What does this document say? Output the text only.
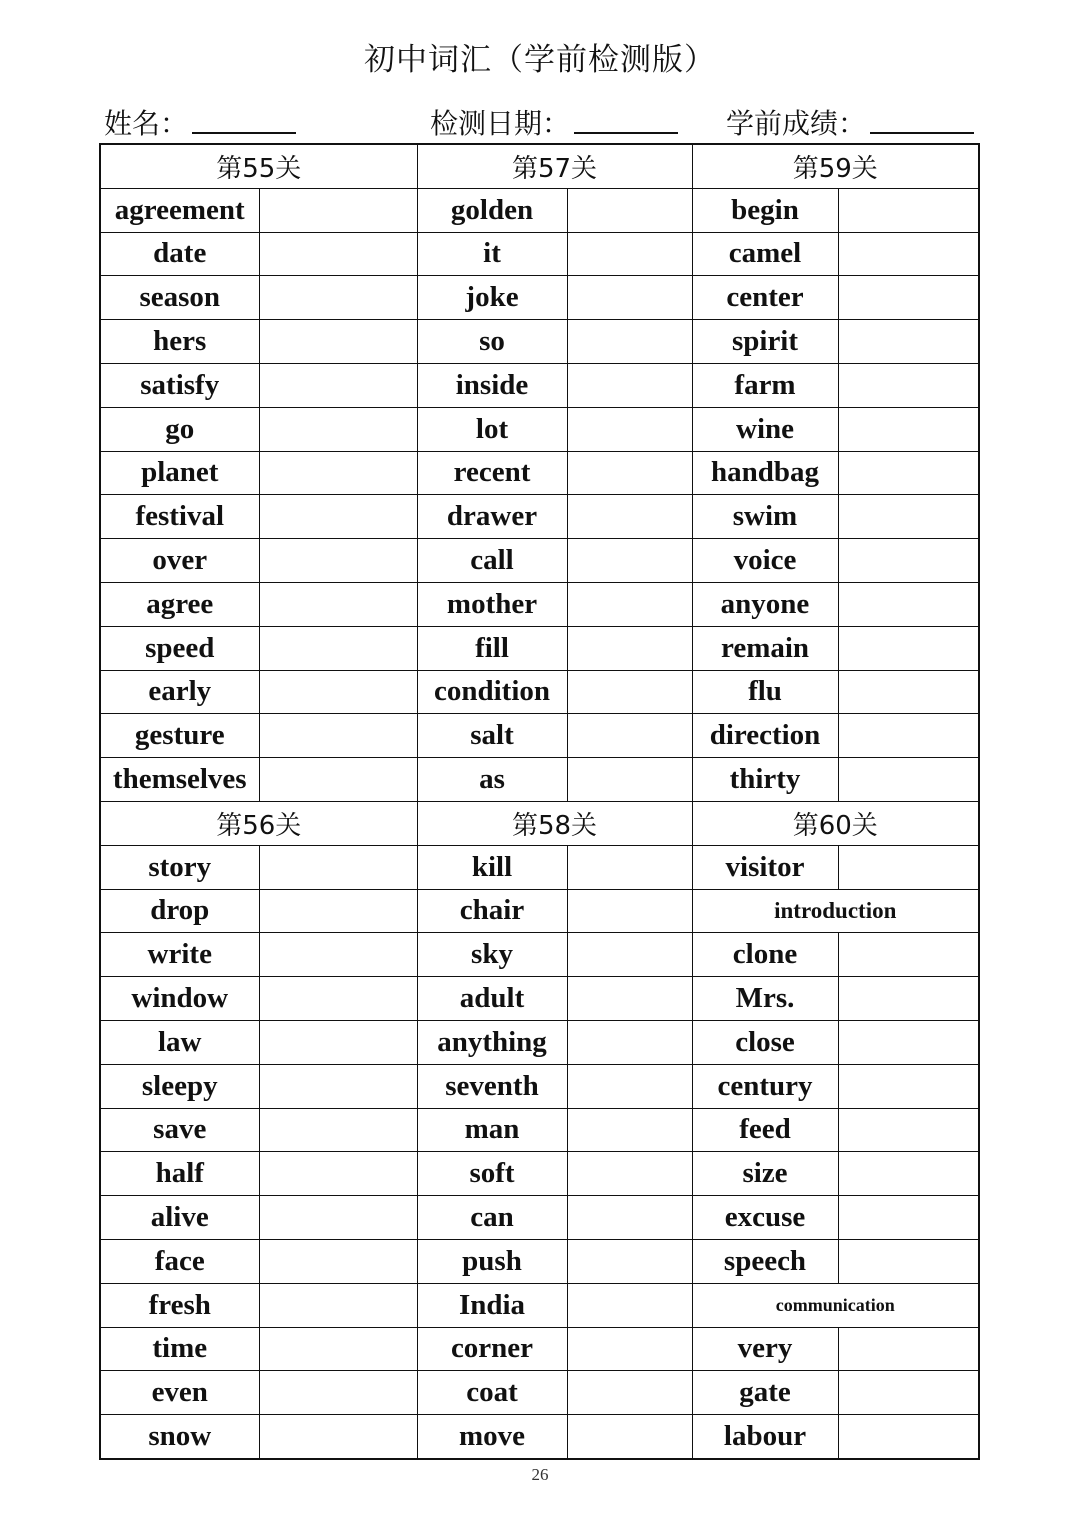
初中词汇（学前检测版）
姓名：	检测日期：	学前成绩：
第55关		第57关		第59关	
agreement		golden		begin	
date		it		camel	
season		joke		center	
hers		so		spirit	
satisfy		inside		farm	
go		lot		wine	
planet		recent		handbag	
festival		drawer		swim	
over		call		voice	
agree		mother		anyone	
speed		fill		remain	
early		condition		flu	
gesture		salt		direction	
themselves		as		thirty	
第56关		第58关		第60关	
story		kill		visitor	
drop		chair		introduction	
write		sky		clone	
window		adult		Mrs.	
law		anything		close	
sleepy		seventh		century	
save		man		feed	
half		soft		size	
alive		can		excuse	
face		push		speech	
fresh		India		communication	
time		corner		very	
even		coat		gate	
snow		move		labour	
26
